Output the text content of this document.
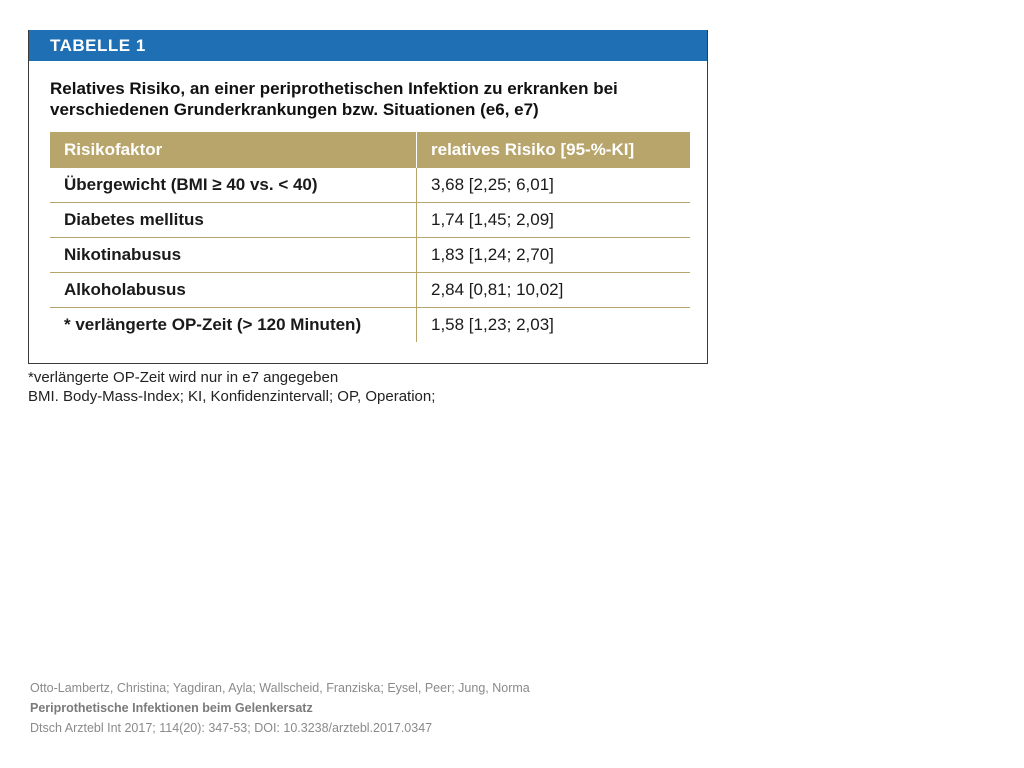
TABELLE 1
Relatives Risiko, an einer periprothetischen Infektion zu erkranken bei verschiedenen Grunderkrankungen bzw. Situationen (e6, e7)
Risikofaktor	relatives Risiko [95-%-KI]
Übergewicht (BMI ≥ 40 vs. < 40)	3,68 [2,25; 6,01]
Diabetes mellitus	1,74 [1,45; 2,09]
Nikotinabusus	1,83 [1,24; 2,70]
Alkoholabusus	2,84 [0,81; 10,02]
* verlängerte OP-Zeit (> 120 Minuten)	1,58 [1,23; 2,03]
*verlängerte OP-Zeit wird nur in e7 angegeben
BMI. Body-Mass-Index; KI, Konfidenzintervall; OP, Operation;
Otto-Lambertz, Christina; Yagdiran, Ayla; Wallscheid, Franziska; Eysel, Peer; Jung, Norma
Periprothetische Infektionen beim Gelenkersatz
Dtsch Arztebl Int 2017; 114(20): 347-53; DOI: 10.3238/arztebl.2017.0347
